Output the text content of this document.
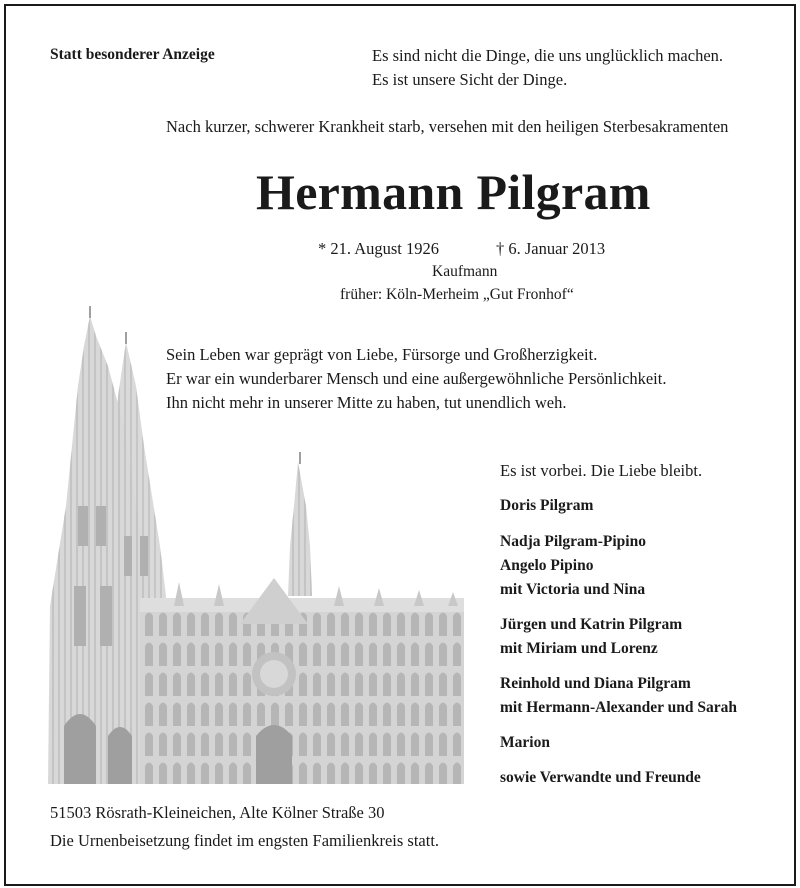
Statt besonderer Anzeige	Es sind nicht die Dinge, die uns unglücklich machen.
Es ist unsere Sicht der Dinge.
Nach kurzer, schwerer Krankheit starb, versehen mit den heiligen Sterbesakramenten
Hermann Pilgram
* 21. August 1926	† 6. Januar 2013
Kaufmann
früher: Köln-Merheim „Gut Fronhof“
Sein Leben war geprägt von Liebe, Fürsorge und Großherzigkeit.
Er war ein wunderbarer Mensch und eine außergewöhnliche Persönlichkeit.
Ihn nicht mehr in unserer Mitte zu haben, tut unendlich weh.
Es ist vorbei. Die Liebe bleibt.
Doris Pilgram
Nadja Pilgram-Pipino
Angelo Pipino
mit Victoria und Nina
Jürgen und Katrin Pilgram
mit Miriam und Lorenz
Reinhold und Diana Pilgram
mit Hermann-Alexander und Sarah
Marion
sowie Verwandte und Freunde
51503 Rösrath-Kleineichen, Alte Kölner Straße 30
Die Urnenbeisetzung findet im engsten Familienkreis statt.
